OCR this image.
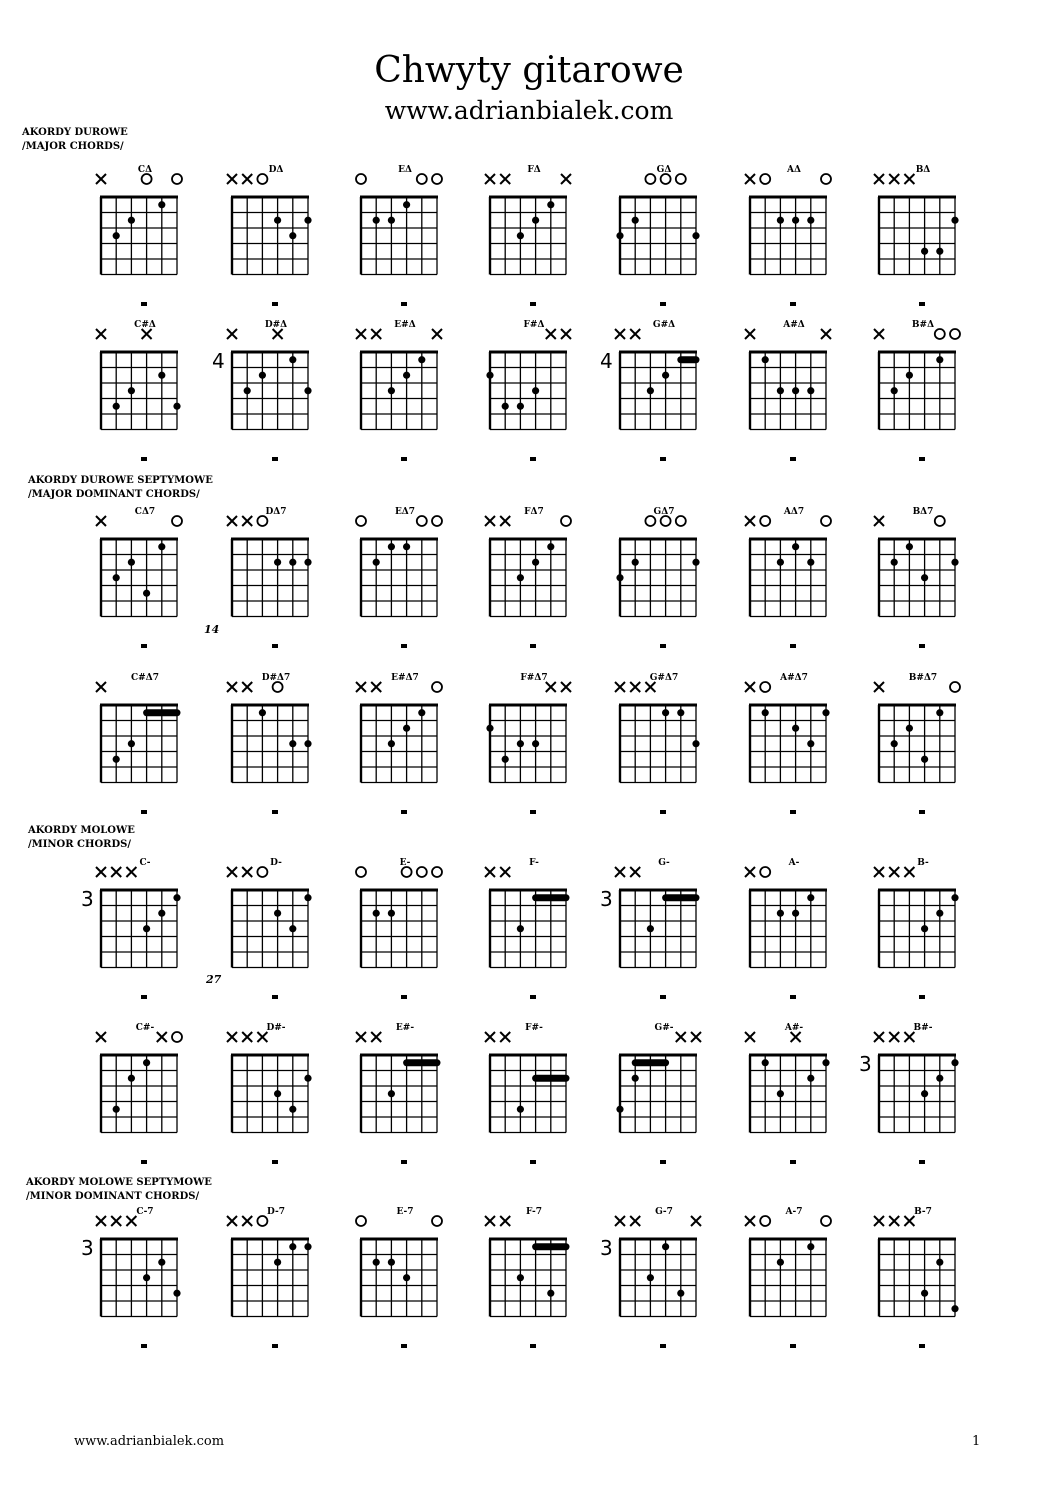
Chwyty gitarowe
www.adrianbialek.com
AKORDY DUROWE
/MAJOR CHORDS/
AKORDY DUROWE SEPTYMOWE
/MAJOR DOMINANT CHORDS/
AKORDY MOLOWE
/MINOR CHORDS/
AKORDY MOLOWE SEPTYMOWE
/MINOR DOMINANT CHORDS/
14
27
CΔ	DΔ	EΔ	FΔ	GΔ	AΔ	BΔ
C#Δ	D#Δ
4
E#Δ	F#Δ	G#Δ
4
A#Δ	B#Δ
CΔ7	DΔ7	EΔ7	FΔ7	GΔ7	AΔ7	BΔ7
C#Δ7	D#Δ7	E#Δ7	F#Δ7	G#Δ7	A#Δ7	B#Δ7
C-
3
D-	E-	F-	G-
3
A-	B-
C#-	D#-	E#-	F#-	G#-	A#-	B#-
3
C-7
3
D-7	E-7	F-7	G-7
3
A-7	B-7
www.adrianbialek.com	1
